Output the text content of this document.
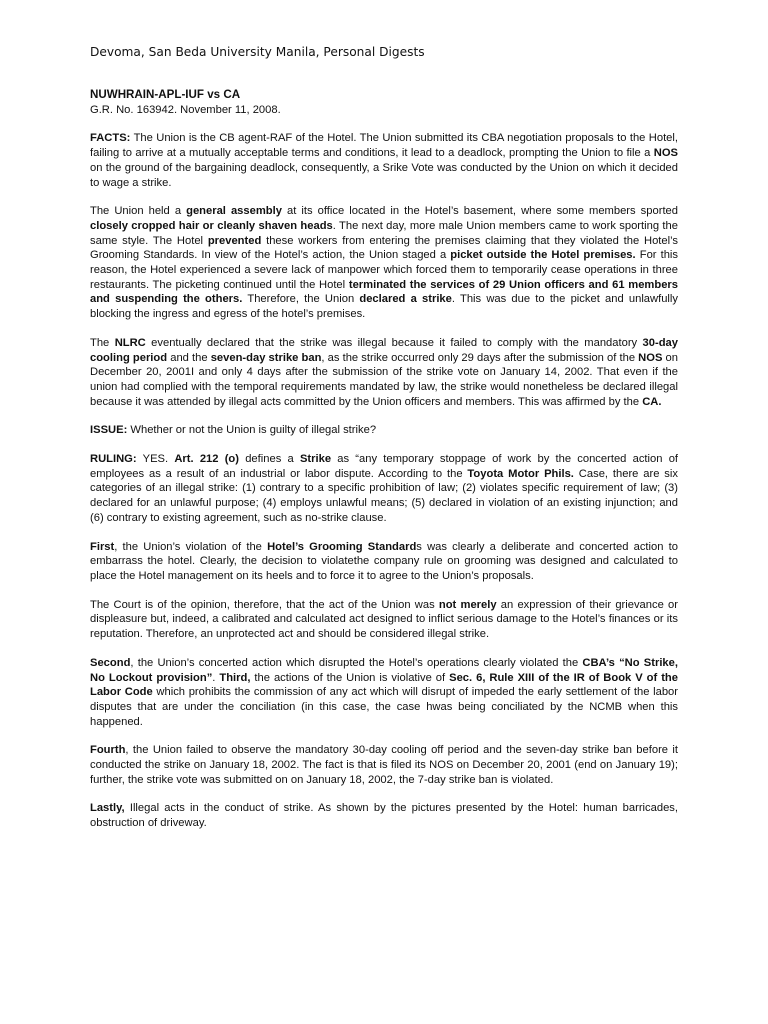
Devoma, San Beda University Manila, Personal Digests
NUWHRAIN-APL-IUF vs CA
G.R. No. 163942. November 11, 2008.

FACTS: The Union is the CB agent-RAF of the Hotel. The Union submitted its CBA negotiation proposals to the Hotel, failing to arrive at a mutually acceptable terms and conditions, it lead to a deadlock, prompting the Union to file a NOS on the ground of the bargaining deadlock, consequently, a Srike Vote was conducted by the Union on which it decided to wage a strike.

The Union held a general assembly at its office located in the Hotel’s basement, where some members sported closely cropped hair or cleanly shaven heads. The next day, more male Union members came to work sporting the same style. The Hotel prevented these workers from entering the premises claiming that they violated the Hotel’s Grooming Standards. In view of the Hotel’s action, the Union staged a picket outside the Hotel premises. For this reason, the Hotel experienced a severe lack of manpower which forced them to temporarily cease operations in three restaurants. The picketing continued until the Hotel terminated the services of 29 Union officers and 61 members and suspending the others. Therefore, the Union declared a strike. This was due to the picket and unlawfully blocking the ingress and egress of the hotel’s premises.

The NLRC eventually declared that the strike was illegal because it failed to comply with the mandatory 30-day cooling period and the seven-day strike ban, as the strike occurred only 29 days after the submission of the NOS on December 20, 2001I and only 4 days after the submission of the strike vote on January 14, 2002. That even if the union had complied with the temporal requirements mandated by law, the strike would nonetheless be declared illegal because it was attended by illegal acts committed by the Union officers and members. This was affirmed by the CA.

ISSUE: Whether or not the Union is guilty of illegal strike?

RULING: YES. Art. 212 (o) defines a Strike as “any temporary stoppage of work by the concerted action of employees as a result of an industrial or labor dispute. According to the Toyota Motor Phils. Case, there are six categories of an illegal strike: (1) contrary to a specific prohibition of law; (2) violates specific requirement of law; (3) declared for an unlawful purpose; (4) employs unlawful means; (5) declared in violation of an existing injunction; and (6) contrary to existing agreement, such as no-strike clause.

First, the Union’s violation of the Hotel’s Grooming Standards was clearly a deliberate and concerted action to embarrass the hotel. Clearly, the decision to violatethe company rule on grooming was designed and calculated to place the Hotel management on its heels and to force it to agree to the Union’s proposals.

The Court is of the opinion, therefore, that the act of the Union was not merely an expression of their grievance or displeasure but, indeed, a calibrated and calculated act designed to inflict serious damage to the Hotel’s finances or its reputation. Therefore, an unprotected act and should be considered illegal strike.

Second, the Union’s concerted action which disrupted the Hotel’s operations clearly violated the CBA’s “No Strike, No Lockout provision”. Third, the actions of the Union is violative of Sec. 6, Rule XIII of the IR of Book V of the Labor Code which prohibits the commission of any act which will disrupt of impeded the early settlement of the labor disputes that are under the conciliation (in this case, the case hwas being conciliated by the NCMB when this happened.

Fourth, the Union failed to observe the mandatory 30-day cooling off period and the seven-day strike ban before it conducted the strike on January 18, 2002. The fact is that is filed its NOS on December 20, 2001 (end on January 19); further, the strike vote was submitted on on January 18, 2002, the 7-day strike ban is violated.

Lastly, Illegal acts in the conduct of strike. As shown by the pictures presented by the Hotel: human barricades, obstruction of driveway.
